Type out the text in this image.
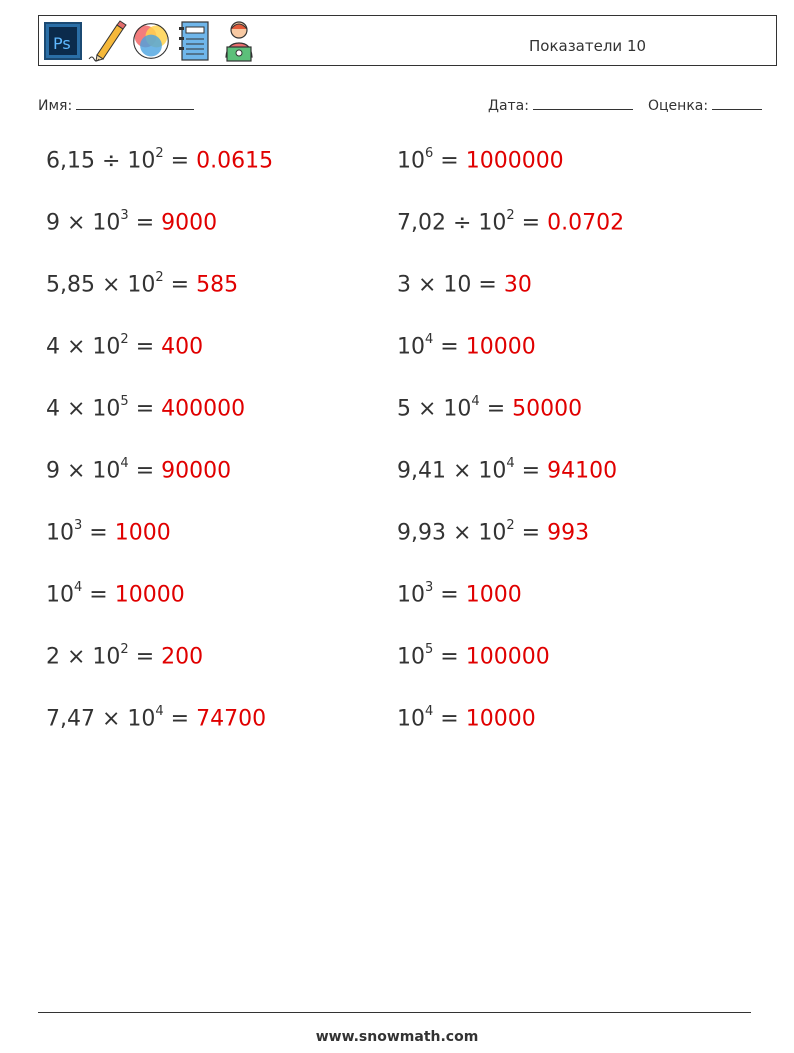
Ps	Показатели 10
Имя:	Дата:	Оценка:
$6,15 \div 10^2 = 0.0615$
$9 \times 10^3 = 9000$
$5,85 \times 10^2 = 585$
$4 \times 10^2 = 400$
$4 \times 10^5 = 400000$
$9 \times 10^4 = 90000$
$10^3 = 1000$
$10^4 = 10000$
$2 \times 10^2 = 200$
$7,47 \times 10^4 = 74700$
$10^6 = 1000000$
$7,02 \div 10^2 = 0.0702$
3 × 10 = 30
$10^4 = 10000$
$5 \times 10^4 = 50000$
$9,41 \times 10^4 = 94100$
$9,93 \times 10^2 = 993$
$10^3 = 1000$
$10^5 = 100000$
$10^4 = 10000$
www.snowmath.com
